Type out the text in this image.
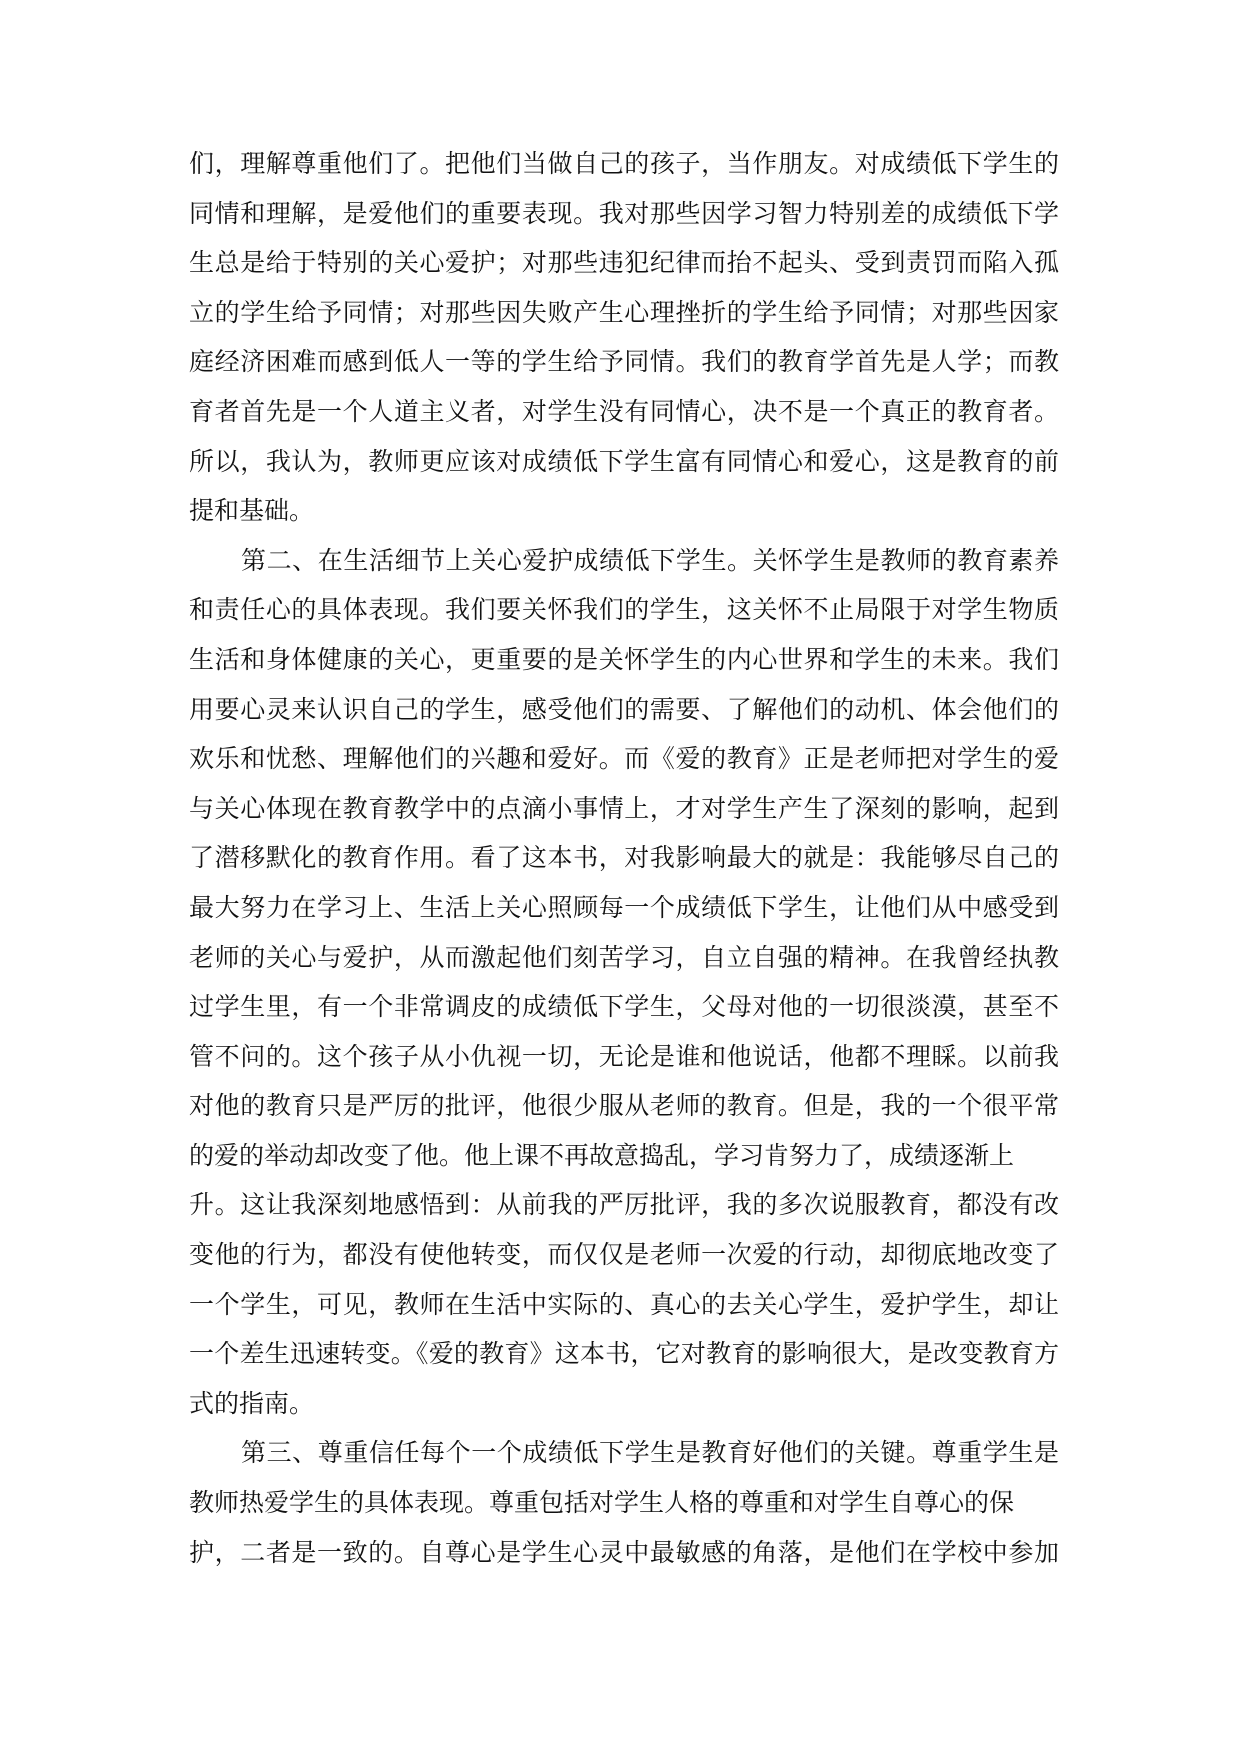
们，理解尊重他们了。把他们当做自己的孩子，当作朋友。对成绩低下学生的
同情和理解，是爱他们的重要表现。我对那些因学习智力特别差的成绩低下学
生总是给于特别的关心爱护；对那些违犯纪律而抬不起头、受到责罚而陷入孤
立的学生给予同情；对那些因失败产生心理挫折的学生给予同情；对那些因家
庭经济困难而感到低人一等的学生给予同情。我们的教育学首先是人学；而教
育者首先是一个人道主义者，对学生没有同情心，决不是一个真正的教育者。
所以，我认为，教师更应该对成绩低下学生富有同情心和爱心，这是教育的前
提和基础。
第二、在生活细节上关心爱护成绩低下学生。关怀学生是教师的教育素养
和责任心的具体表现。我们要关怀我们的学生，这关怀不止局限于对学生物质
生活和身体健康的关心，更重要的是关怀学生的内心世界和学生的未来。我们
用要心灵来认识自己的学生，感受他们的需要、了解他们的动机、体会他们的
欢乐和忧愁、理解他们的兴趣和爱好。而《爱的教育》正是老师把对学生的爱
与关心体现在教育教学中的点滴小事情上，才对学生产生了深刻的影响，起到
了潜移默化的教育作用。看了这本书，对我影响最大的就是：我能够尽自己的
最大努力在学习上、生活上关心照顾每一个成绩低下学生，让他们从中感受到
老师的关心与爱护，从而激起他们刻苦学习，自立自强的精神。在我曾经执教
过学生里，有一个非常调皮的成绩低下学生，父母对他的一切很淡漠，甚至不
管不问的。这个孩子从小仇视一切，无论是谁和他说话，他都不理睬。以前我
对他的教育只是严厉的批评，他很少服从老师的教育。但是，我的一个很平常
的爱的举动却改变了他。他上课不再故意捣乱，学习肯努力了，成绩逐渐上
升。这让我深刻地感悟到：从前我的严厉批评，我的多次说服教育，都没有改
变他的行为，都没有使他转变，而仅仅是老师一次爱的行动，却彻底地改变了
一个学生，可见，教师在生活中实际的、真心的去关心学生，爱护学生，却让
一个差生迅速转变。《爱的教育》这本书，它对教育的影响很大，是改变教育方
式的指南。
第三、尊重信任每个一个成绩低下学生是教育好他们的关键。尊重学生是
教师热爱学生的具体表现。尊重包括对学生人格的尊重和对学生自尊心的保
护，二者是一致的。自尊心是学生心灵中最敏感的角落，是他们在学校中参加
